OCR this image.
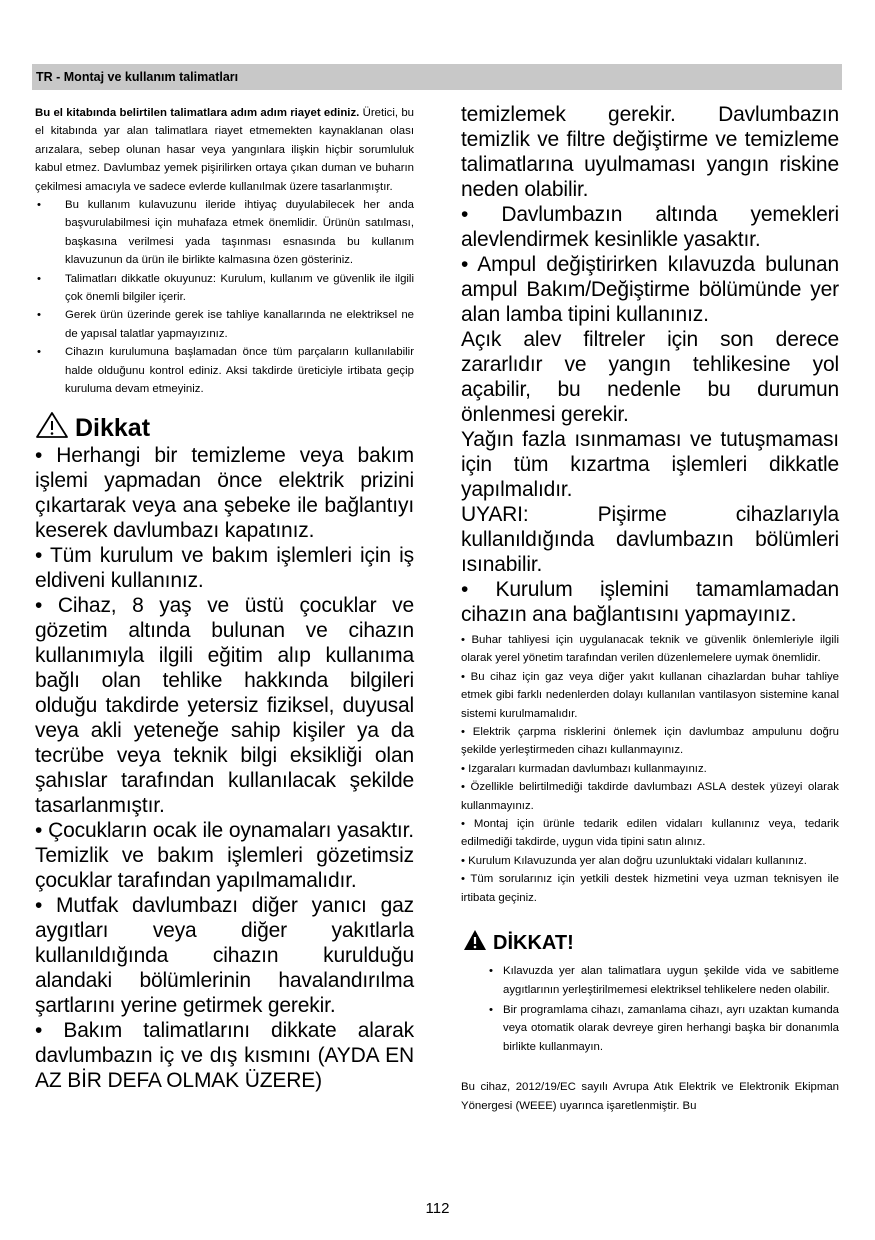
TR - Montaj ve kullanım talimatları

Bu el kitabında belirtilen talimatlara adım adım riayet ediniz. Üretici, bu el kitabında yar alan talimatlara riayet etmemekten kaynaklanan olası arızalara, sebep olunan hasar veya yangınlara ilişkin hiçbir sorumluluk kabul etmez. Davlumbaz yemek pişirilirken ortaya çıkan duman ve buharın çekilmesi amacıyla ve sadece evlerde kullanılmak üzere tasarlanmıştır.

• Bu kullanım kulavuzunu ileride ihtiyaç duyulabilecek her anda başvurulabilmesi için muhafaza etmek önemlidir. Ürünün satılması, başkasına verilmesi yada taşınması esnasında bu kullanım klavuzunun da ürün ile birlikte kalmasına özen gösteriniz.
• Talimatları dikkatle okuyunuz: Kurulum, kullanım ve güvenlik ile ilgili çok önemli bilgiler içerir.
• Gerek ürün üzerinde gerek ise tahliye kanallarında ne elektriksel ne de yapısal talatlar yapmayızınız.
• Cihazın kurulumuna başlamadan önce tüm parçaların kullanılabilir halde olduğunu kontrol ediniz. Aksi takdirde üreticiyle irtibata geçip kuruluma devam etmeyiniz.
Dikkat

• Herhangi bir temizleme veya bakım işlemi yapmadan önce elektrik prizini çıkartarak veya ana şebeke ile bağlantıyı keserek davlumbazı kapatınız.

• Tüm kurulum ve bakım işlemleri için iş eldiveni kullanınız.

• Cihaz, 8 yaş ve üstü çocuklar ve gözetim altında bulunan ve cihazın kullanımıyla ilgili eğitim alıp kullanıma bağlı olan tehlike hakkında bilgileri olduğu takdirde yetersiz fiziksel, duyusal veya akli yeteneğe sahip kişiler ya da tecrübe veya teknik bilgi eksikliği olan şahıslar tarafından kullanılacak şekilde tasarlanmıştır.

• Çocukların ocak ile oynamaları yasaktır. Temizlik ve bakım işlemleri gözetimsiz çocuklar tarafından yapılmamalıdır.

• Mutfak davlumbazı diğer yanıcı gaz aygıtları veya diğer yakıtlarla kullanıldığında cihazın kurulduğu alandaki bölümlerinin havalandırılma şartlarını yerine getirmek gerekir.

• Bakım talimatlarını dikkate alarak davlumbazın iç ve dış kısmını (AYDA EN AZ BİR DEFA OLMAK ÜZERE)

temizlemek gerekir. Davlumbazın temizlik ve filtre değiştirme ve temizleme talimatlarına uyulmaması yangın riskine neden olabilir.

• Davlumbazın altında yemekleri alevlendirmek kesinlikle yasaktır.

• Ampul değiştirirken kılavuzda bulunan ampul Bakım/Değiştirme bölümünde yer alan lamba tipini kullanınız.

Açık alev filtreler için son derece zararlıdır ve yangın tehlikesine yol açabilir, bu nedenle bu durumun önlenmesi gerekir.

Yağın fazla ısınmaması ve tutuşmaması için tüm kızartma işlemleri dikkatle yapılmalıdır.

UYARI: Pişirme cihazlarıyla kullanıldığında davlumbazın bölümleri ısınabilir.

• Kurulum işlemini tamamlamadan cihazın ana bağlantısını yapmayınız.

• Buhar tahliyesi için uygulanacak teknik ve güvenlik önlemleriyle ilgili olarak yerel yönetim tarafından verilen düzenlemelere uymak önemlidir.

• Bu cihaz için gaz veya diğer yakıt kullanan cihazlardan buhar tahliye etmek gibi farklı nedenlerden dolayı kullanılan vantilasyon sistemine kanal sistemi kurulmamalıdır.

• Elektrik çarpma risklerini önlemek için davlumbaz ampulunu doğru şekilde yerleştirmeden cihazı kullanmayınız.

• Izgaraları kurmadan davlumbazı kullanmayınız.

• Özellikle belirtilmediği takdirde davlumbazı ASLA destek yüzeyi olarak kullanmayınız.

• Montaj için ürünle tedarik edilen vidaları kullanınız veya, tedarik edilmediği takdirde, uygun vida tipini satın alınız.

• Kurulum Kılavuzunda yer alan doğru uzunluktaki vidaları kullanınız.

• Tüm sorularınız için yetkili destek hizmetini veya uzman teknisyen ile irtibata geçiniz.

DİKKAT!
• Kılavuzda yer alan talimatlara uygun şekilde vida ve sabitleme aygıtlarının yerleştirilmemesi elektriksel tehlikelere neden olabilir.
• Bir programlama cihazı, zamanlama cihazı, ayrı uzaktan kumanda veya otomatik olarak devreye giren herhangi başka bir donanımla birlikte kullanmayın.

Bu cihaz, 2012/19/EC sayılı Avrupa Atık Elektrik ve Elektronik Ekipman Yönergesi (WEEE) uyarınca işaretlenmiştir. Bu

112
